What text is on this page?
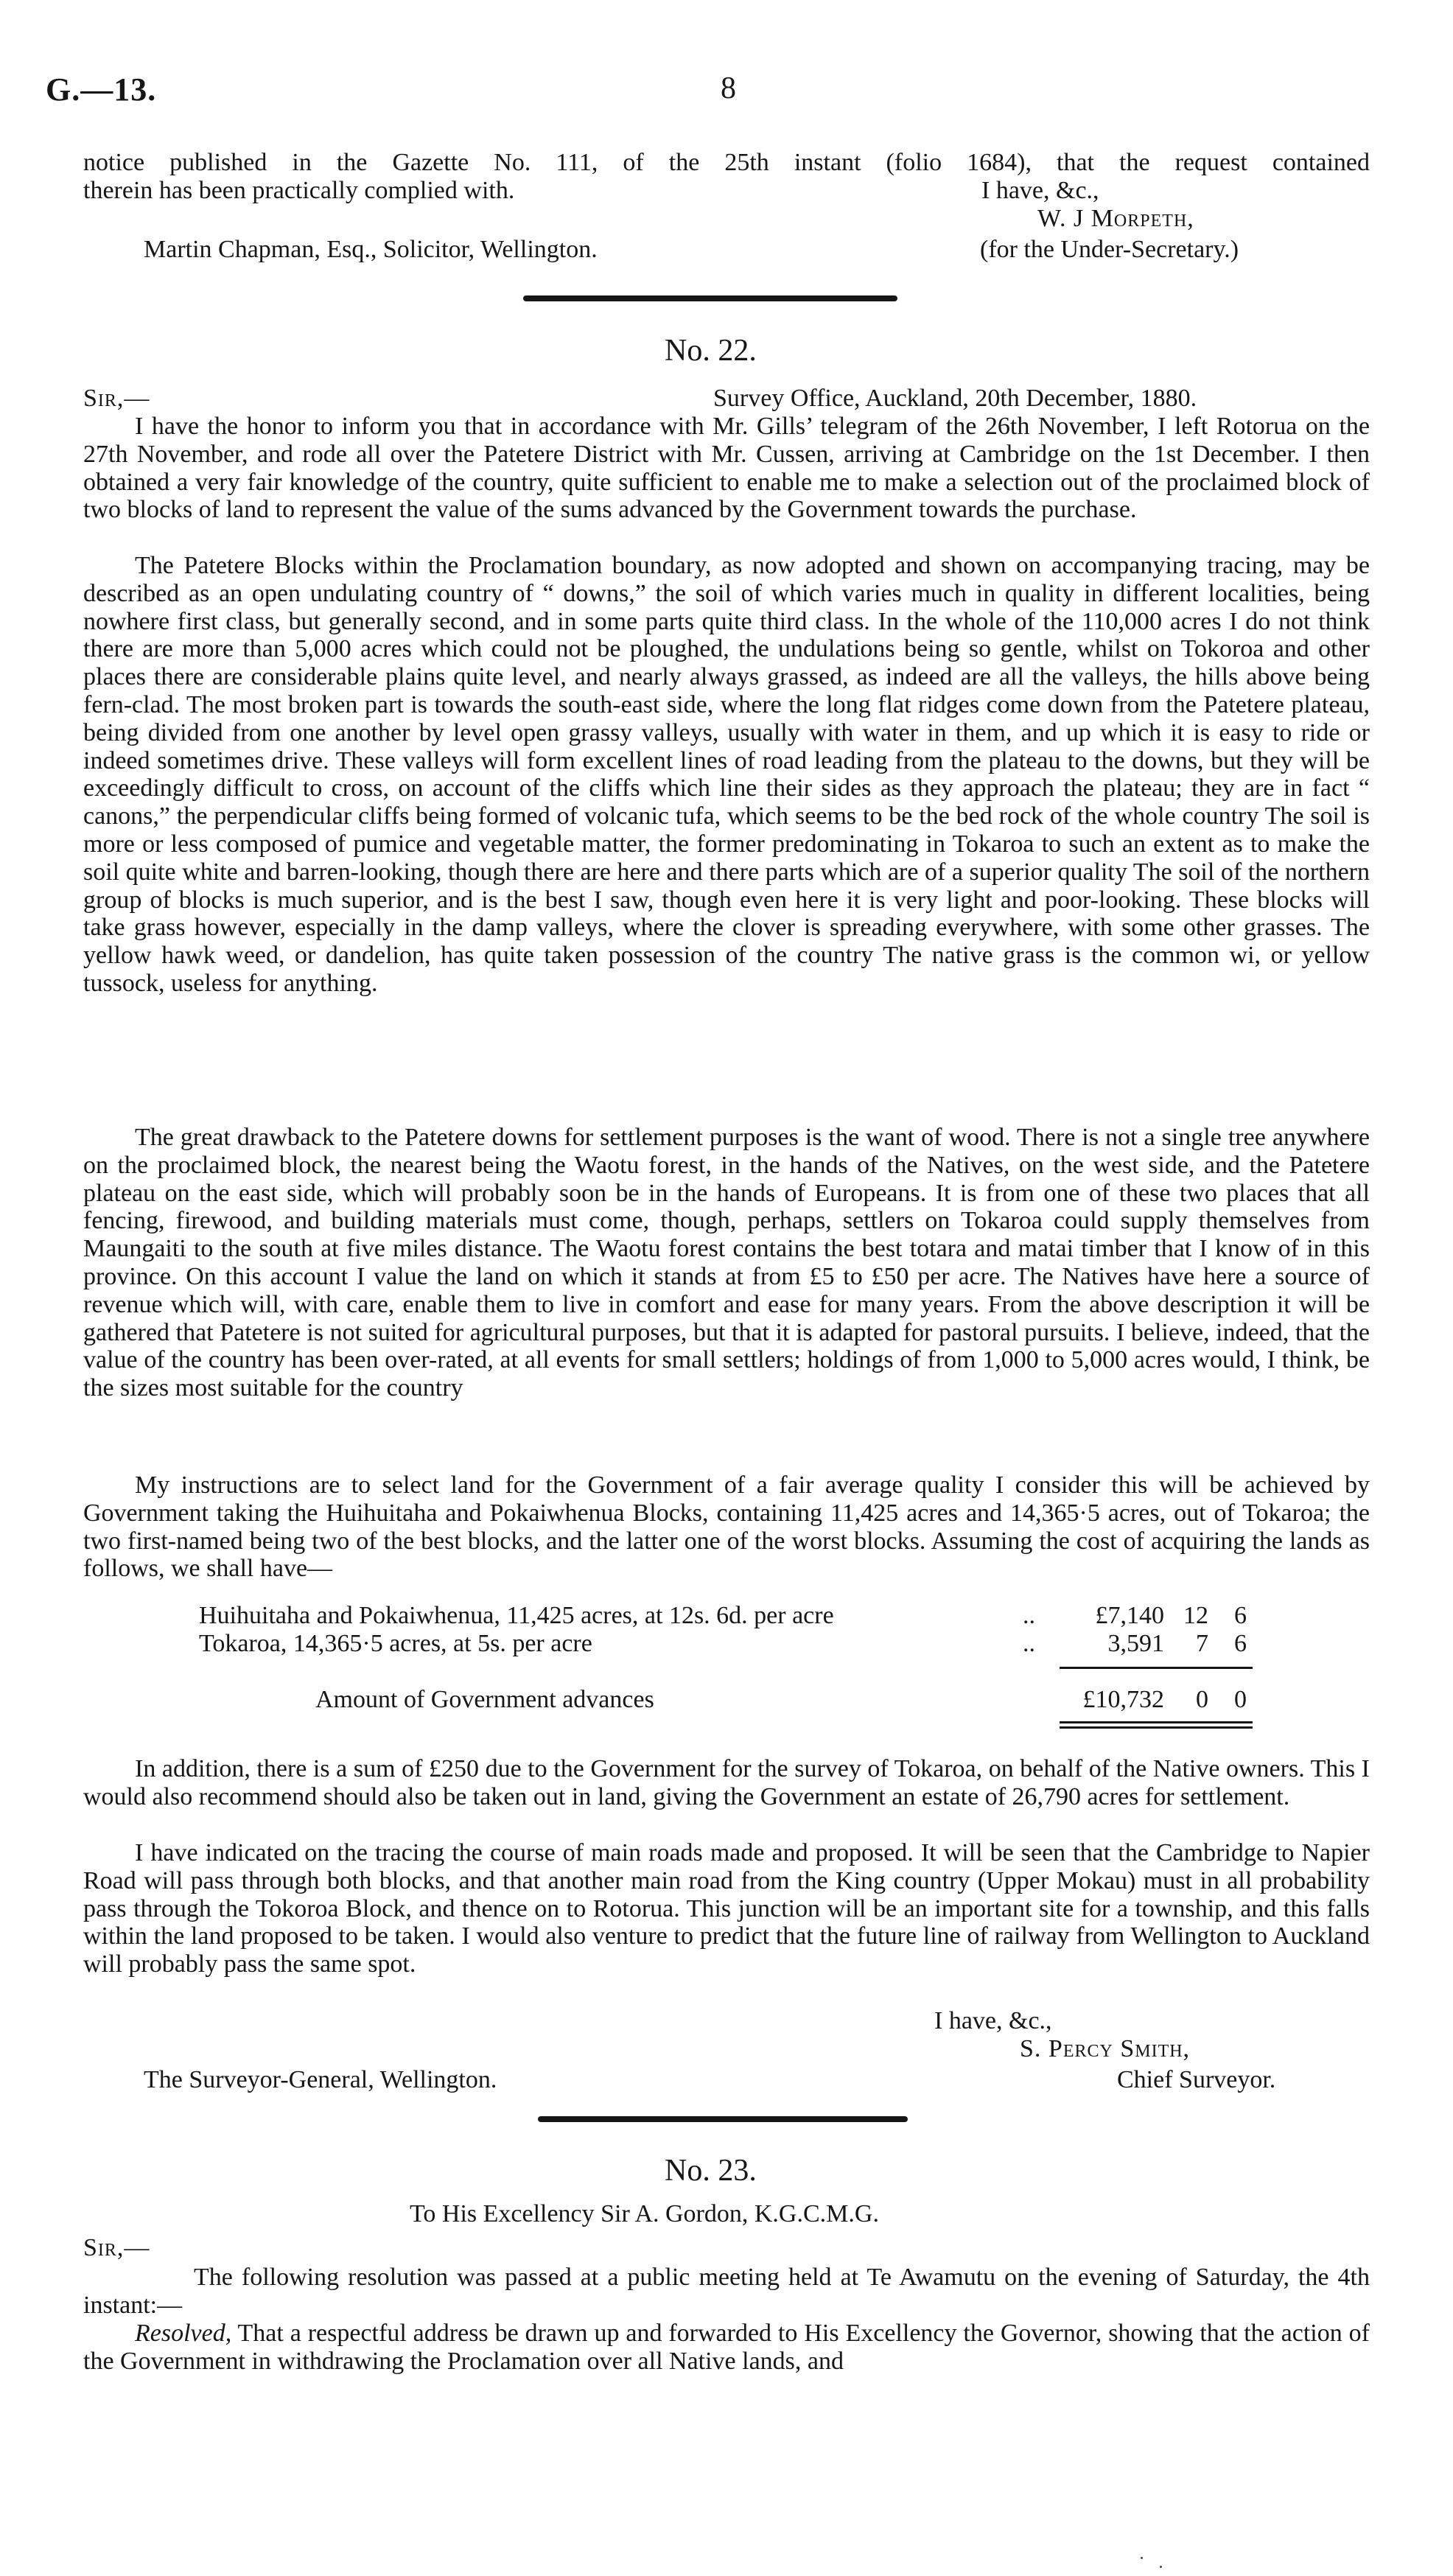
G.—13.	8
notice published in the Gazette No. 111, of the 25th instant (folio 1684), that the request contained
therein has been practically complied with.	I have, &c.,
W. J Morpeth,
Martin Chapman, Esq., Solicitor, Wellington.	(for the Under-Secretary.)
No. 22.
Sir,—	Survey Office, Auckland, 20th December, 1880.
I have the honor to inform you that in accordance with Mr. Gills’ telegram of the 26th November, I left Rotorua on the 27th November, and rode all over the Patetere District with Mr. Cussen, arriving at Cambridge on the 1st December. I then obtained a very fair knowledge of the country, quite sufficient to enable me to make a selection out of the proclaimed block of two blocks of land to represent the value of the sums advanced by the Government towards the purchase.
The Patetere Blocks within the Proclamation boundary, as now adopted and shown on accompanying tracing, may be described as an open undulating country of “ downs,” the soil of which varies much in quality in different localities, being nowhere first class, but generally second, and in some parts quite third class. In the whole of the 110,000 acres I do not think there are more than 5,000 acres which could not be ploughed, the undulations being so gentle, whilst on Tokoroa and other places there are considerable plains quite level, and nearly always grassed, as indeed are all the valleys, the hills above being fern-clad. The most broken part is towards the south-east side, where the long flat ridges come down from the Patetere plateau, being divided from one another by level open grassy valleys, usually with water in them, and up which it is easy to ride or indeed sometimes drive. These valleys will form excellent lines of road leading from the plateau to the downs, but they will be exceedingly difficult to cross, on account of the cliffs which line their sides as they approach the plateau; they are in fact “ canons,” the perpendicular cliffs being formed of volcanic tufa, which seems to be the bed rock of the whole country The soil is more or less composed of pumice and vegetable matter, the former predominating in Tokaroa to such an extent as to make the soil quite white and barren-looking, though there are here and there parts which are of a superior quality The soil of the northern group of blocks is much superior, and is the best I saw, though even here it is very light and poor-looking. These blocks will take grass however, especially in the damp valleys, where the clover is spreading everywhere, with some other grasses. The yellow hawk weed, or dandelion, has quite taken possession of the country The native grass is the common wi, or yellow tussock, useless for anything.
The great drawback to the Patetere downs for settlement purposes is the want of wood. There is not a single tree anywhere on the proclaimed block, the nearest being the Waotu forest, in the hands of the Natives, on the west side, and the Patetere plateau on the east side, which will probably soon be in the hands of Europeans. It is from one of these two places that all fencing, firewood, and building materials must come, though, perhaps, settlers on Tokaroa could supply themselves from Maungaiti to the south at five miles distance. The Waotu forest contains the best totara and matai timber that I know of in this province. On this account I value the land on which it stands at from £5 to £50 per acre. The Natives have here a source of revenue which will, with care, enable them to live in comfort and ease for many years. From the above description it will be gathered that Patetere is not suited for agricultural purposes, but that it is adapted for pastoral pursuits. I believe, indeed, that the value of the country has been over-rated, at all events for small settlers; holdings of from 1,000 to 5,000 acres would, I think, be the sizes most suitable for the country
My instructions are to select land for the Government of a fair average quality I consider this will be achieved by Government taking the Huihuitaha and Pokaiwhenua Blocks, containing 11,425 acres and 14,365·5 acres, out of Tokaroa; the two first-named being two of the best blocks, and the latter one of the worst blocks. Assuming the cost of acquiring the lands as follows, we shall have—
Huihuitaha and Pokaiwhenua, 11,425 acres, at 12s. 6d. per acre	..	£7,140 12	6
Tokaroa, 14,365·5 acres, at 5s. per acre	..	3,591	7	6
Amount of Government advances	£10,732	0	0
In addition, there is a sum of £250 due to the Government for the survey of Tokaroa, on behalf of the Native owners. This I would also recommend should also be taken out in land, giving the Government an estate of 26,790 acres for settlement.
I have indicated on the tracing the course of main roads made and proposed. It will be seen that the Cambridge to Napier Road will pass through both blocks, and that another main road from the King country (Upper Mokau) must in all probability pass through the Tokoroa Block, and thence on to Rotorua. This junction will be an important site for a township, and this falls within the land proposed to be taken. I would also venture to predict that the future line of railway from Wellington to Auckland will probably pass the same spot.
I have, &c.,
S. Percy Smith,
The Surveyor-General, Wellington.	Chief Surveyor.
No. 23.
To His Excellency Sir A. Gordon, K.G.C.M.G.
Sir,—
The following resolution was passed at a public meeting held at Te Awamutu on the evening of Saturday, the 4th instant:—
Resolved, That a respectful address be drawn up and forwarded to His Excellency the Governor, showing that the action of the Government in withdrawing the Proclamation over all Native lands, and
